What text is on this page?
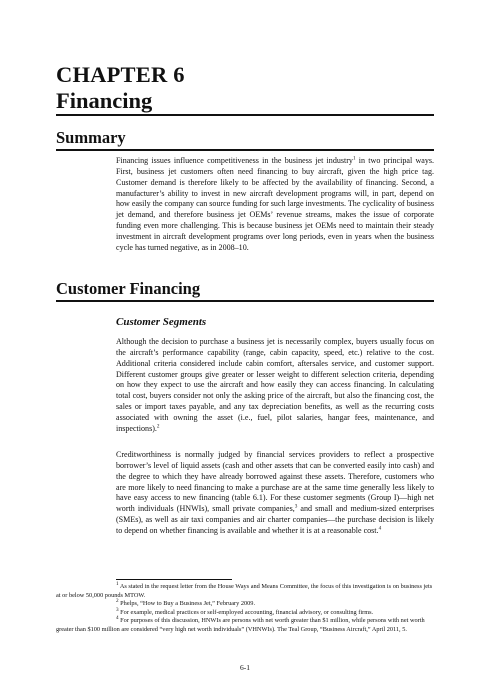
CHAPTER 6
Financing
Summary
Financing issues influence competitiveness in the business jet industry$^1$ in two principal ways. First, business jet customers often need financing to buy aircraft, given the high price tag. Customer demand is therefore likely to be affected by the availability of financing. Second, a manufacturer’s ability to invest in new aircraft development programs will, in part, depend on how easily the company can source funding for such large investments. The cyclicality of business jet demand, and therefore business jet OEMs’ revenue streams, makes the issue of corporate funding even more challenging. This is because business jet OEMs need to maintain their steady investment in aircraft development programs over long periods, even in years when the business cycle has turned negative, as in 2008–10.
Customer Financing
Customer Segments
Although the decision to purchase a business jet is necessarily complex, buyers usually focus on the aircraft’s performance capability (range, cabin capacity, speed, etc.) relative to the cost. Additional criteria considered include cabin comfort, aftersales service, and customer support. Different customer groups give greater or lesser weight to different selection criteria, depending on how they expect to use the aircraft and how easily they can access financing. In calculating total cost, buyers consider not only the asking price of the aircraft, but also the financing cost, the sales or import taxes payable, and any tax depreciation benefits, as well as the recurring costs associated with owning the asset (i.e., fuel, pilot salaries, hangar fees, maintenance, and inspections).$^2$
Creditworthiness is normally judged by financial services providers to reflect a prospective borrower’s level of liquid assets (cash and other assets that can be converted easily into cash) and the degree to which they have already borrowed against these assets. Therefore, customers who are more likely to need financing to make a purchase are at the same time generally less likely to have easy access to new financing (table 6.1). For these customer segments (Group I)—high net worth individuals (HNWIs), small private companies,$^3$ and small and medium-sized enterprises (SMEs), as well as air taxi companies and air charter companies—the purchase decision is likely to depend on whether financing is available and whether it is at a reasonable cost.$^4$
$^1$ As stated in the request letter from the House Ways and Means Committee, the focus of this investigation is on business jets at or below 50,000 pounds MTOW.
$^2$ Phelps, “How to Buy a Business Jet,” February 2009.
$^3$ For example, medical practices or self-employed accounting, financial advisory, or consulting firms.
$^4$ For purposes of this discussion, HNWIs are persons with net worth greater than $1 million, while persons with net worth greater than $100 million are considered “very high net worth individuals” (VHNWIs). The Teal Group, “Business Aircraft,” April 2011, 5.
6-1
